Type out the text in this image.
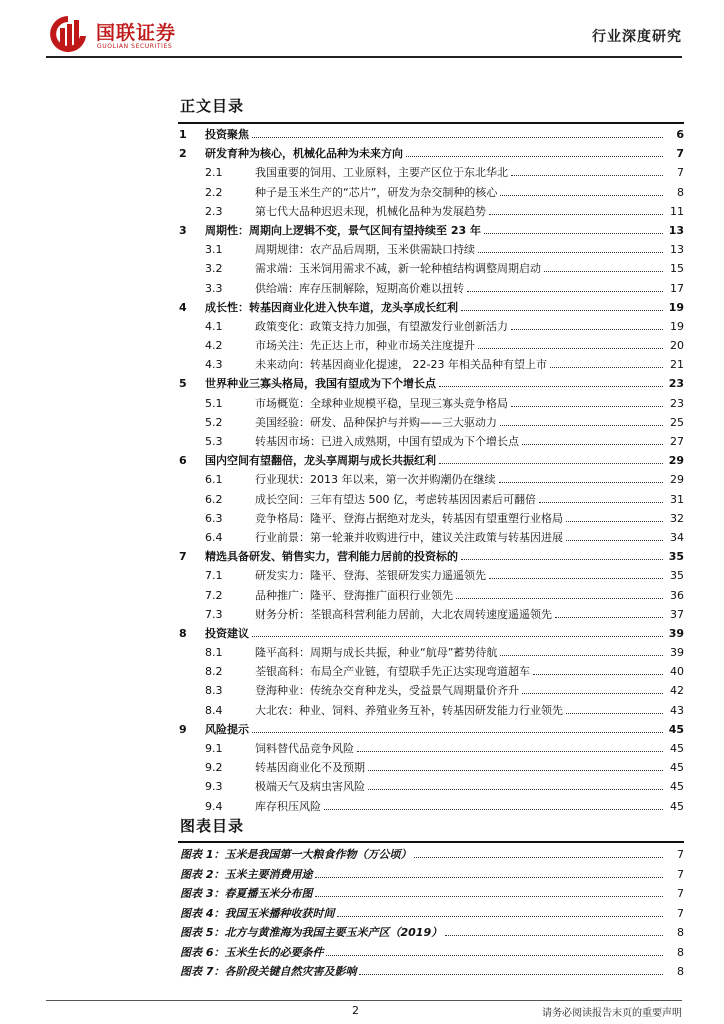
国联证券
GUOLIAN SECURITIES
行业深度研究
正文目录
1 投资聚焦	6
2 研发育种为核心，机械化品种为未来方向	7
2.1	我国重要的饲用、工业原料，主要产区位于东北华北	7
2.2	种子是玉米生产的“芯片”，研发为杂交制种的核心	8
2.3	第七代大品种迟迟未现，机械化品种为发展趋势	11
3 周期性：周期向上逻辑不变，景气区间有望持续至 23 年	13
3.1	周期规律：农产品后周期，玉米供需缺口持续	13
3.2	需求端：玉米饲用需求不减，新一轮种植结构调整周期启动	15
3.3	供给端：库存压制解除，短期高价难以扭转	17
4 成长性：转基因商业化进入快车道，龙头享成长红利	19
4.1	政策变化：政策支持力加强，有望激发行业创新活力	19
4.2	市场关注：先正达上市，种业市场关注度提升	20
4.3	未来动向：转基因商业化提速， 22-23 年相关品种有望上市	21
5 世界种业三寡头格局，我国有望成为下个增长点	23
5.1	市场概览：全球种业规模平稳，呈现三寡头竞争格局	23
5.2	美国经验：研发、品种保护与并购——三大驱动力	25
5.3	转基因市场：已进入成熟期，中国有望成为下个增长点	27
6 国内空间有望翻倍，龙头享周期与成长共振红利	29
6.1	行业现状：2013 年以来，第一次并购潮仍在继续	29
6.2	成长空间：三年有望达 500 亿，考虑转基因因素后可翻倍	31
6.3	竞争格局：隆平、登海占据绝对龙头，转基因有望重塑行业格局	32
6.4	行业前景：第一轮兼并收购进行中，建议关注政策与转基因进展	34
7 精选具备研发、销售实力，营利能力居前的投资标的	35
7.1	研发实力：隆平、登海、荃银研发实力遥遥领先	35
7.2	品种推广：隆平、登海推广面积行业领先	36
7.3	财务分析：荃银高科营利能力居前，大北农周转速度遥遥领先	37
8 投资建议	39
8.1	隆平高科：周期与成长共振，种业“航母”蓄势待航	39
8.2	荃银高科：布局全产业链，有望联手先正达实现弯道超车	40
8.3	登海种业：传统杂交育种龙头，受益景气周期量价齐升	42
8.4	大北农：种业、饲料、养殖业务互补，转基因研发能力行业领先	43
9 风险提示	45
9.1	饲料替代品竞争风险	45
9.2	转基因商业化不及预期	45
9.3	极端天气及病虫害风险	45
9.4	库存积压风险	45
图表目录
图表 1：玉米是我国第一大粮食作物（万公顷）	7
图表 2：玉米主要消费用途	7
图表 3：春夏播玉米分布图	7
图表 4：我国玉米播种收获时间	7
图表 5：北方与黄淮海为我国主要玉米产区（2019）	8
图表 6：玉米生长的必要条件	8
图表 7：各阶段关键自然灾害及影响	8
2	请务必阅读报告末页的重要声明
